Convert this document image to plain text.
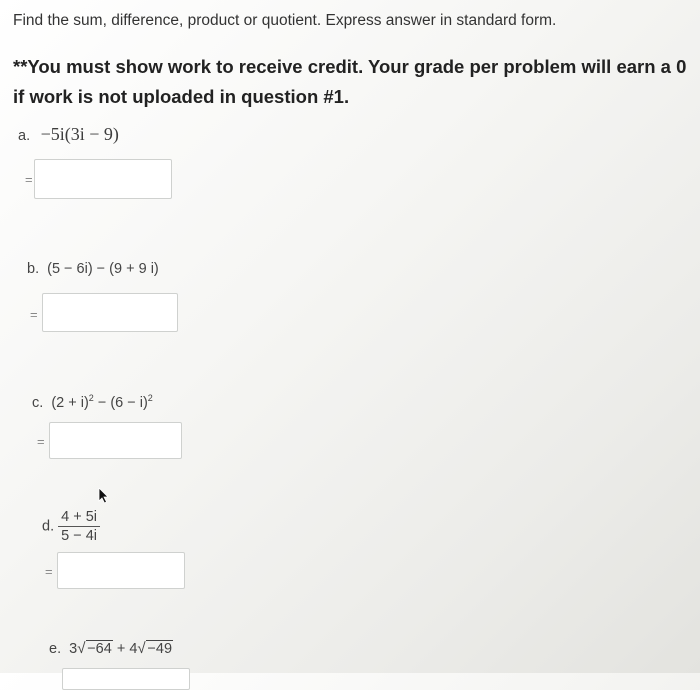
Find the sum, difference, product or quotient. Express answer in standard form.
**You must show work to receive credit. Your grade per problem will earn a 0 if work is not uploaded in question #1.
a. −5i(3i − 9)
=
b. (5 − 6i) − (9 + 9 i)
=
c. $(2 + i)^2 - (6 - i)^2$
=
d. $\frac{4 + 5i}{5 - 4i}$
=
e. 3 √ −64 + 4 √ −49
